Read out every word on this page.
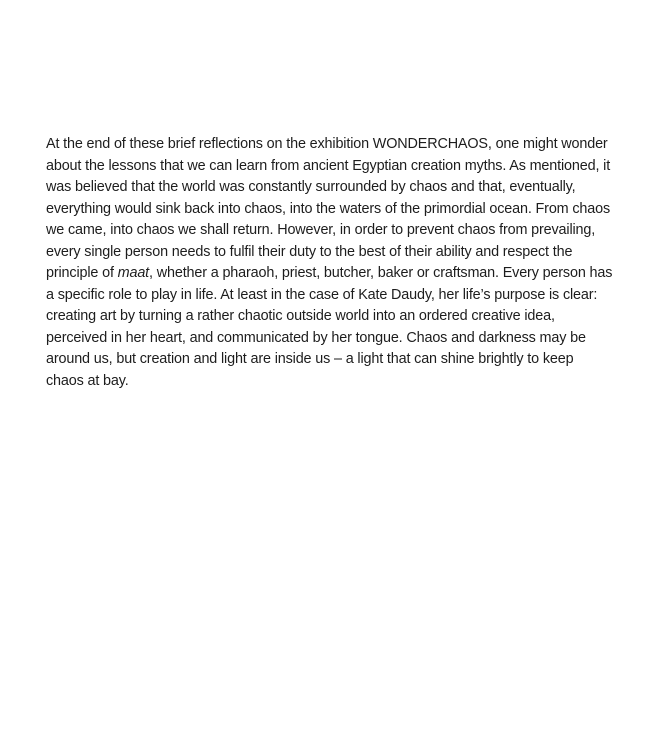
At the end of these brief reflections on the exhibition WONDERCHAOS, one might wonder about the lessons that we can learn from ancient Egyptian creation myths. As mentioned, it was believed that the world was constantly surrounded by chaos and that, eventually, everything would sink back into chaos, into the waters of the primordial ocean. From chaos we came, into chaos we shall return. However, in order to prevent chaos from prevailing, every single person needs to fulfil their duty to the best of their ability and respect the principle of maat, whether a pharaoh, priest, butcher, baker or craftsman. Every person has a specific role to play in life. At least in the case of Kate Daudy, her life’s purpose is clear: creating art by turning a rather chaotic outside world into an ordered creative idea, perceived in her heart, and communicated by her tongue. Chaos and darkness may be around us, but creation and light are inside us – a light that can shine brightly to keep chaos at bay.
